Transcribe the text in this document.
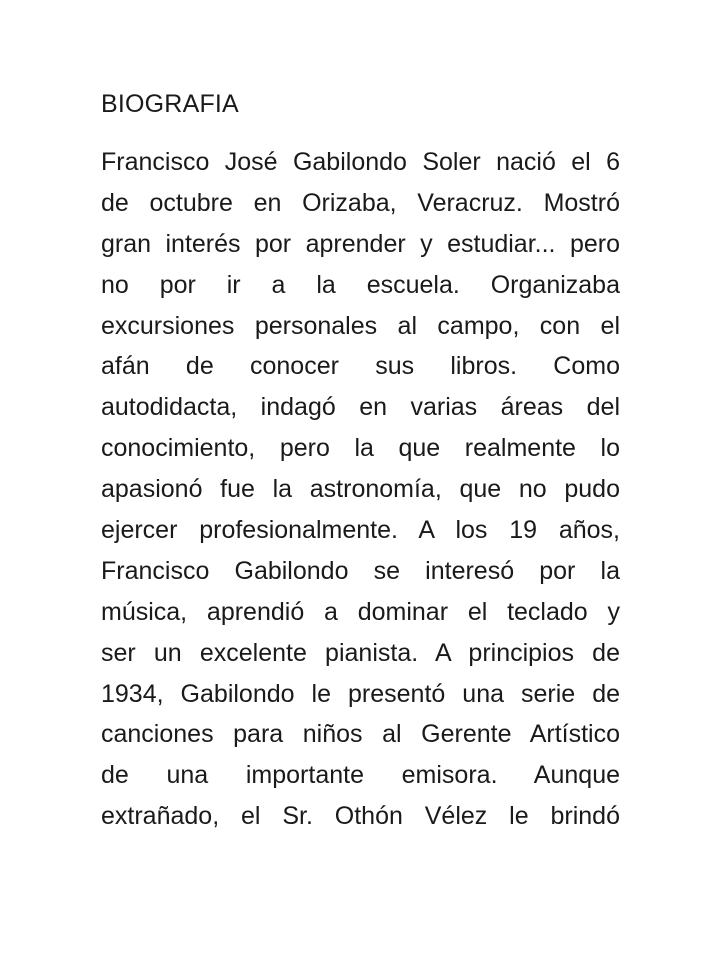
BIOGRAFIA
Francisco José Gabilondo Soler nació el 6
de octubre en Orizaba, Veracruz. Mostró
gran interés por aprender y estudiar... pero
no por ir a la escuela. Organizaba
excursiones personales al campo, con el
afán de conocer sus libros. Como
autodidacta, indagó en varias áreas del
conocimiento, pero la que realmente lo
apasionó fue la astronomía, que no pudo
ejercer profesionalmente. A los 19 años,
Francisco Gabilondo se interesó por la
música, aprendió a dominar el teclado y
ser un excelente pianista. A principios de
1934, Gabilondo le presentó una serie de
canciones para niños al Gerente Artístico
de una importante emisora. Aunque
extrañado, el Sr. Othón Vélez le brindó
